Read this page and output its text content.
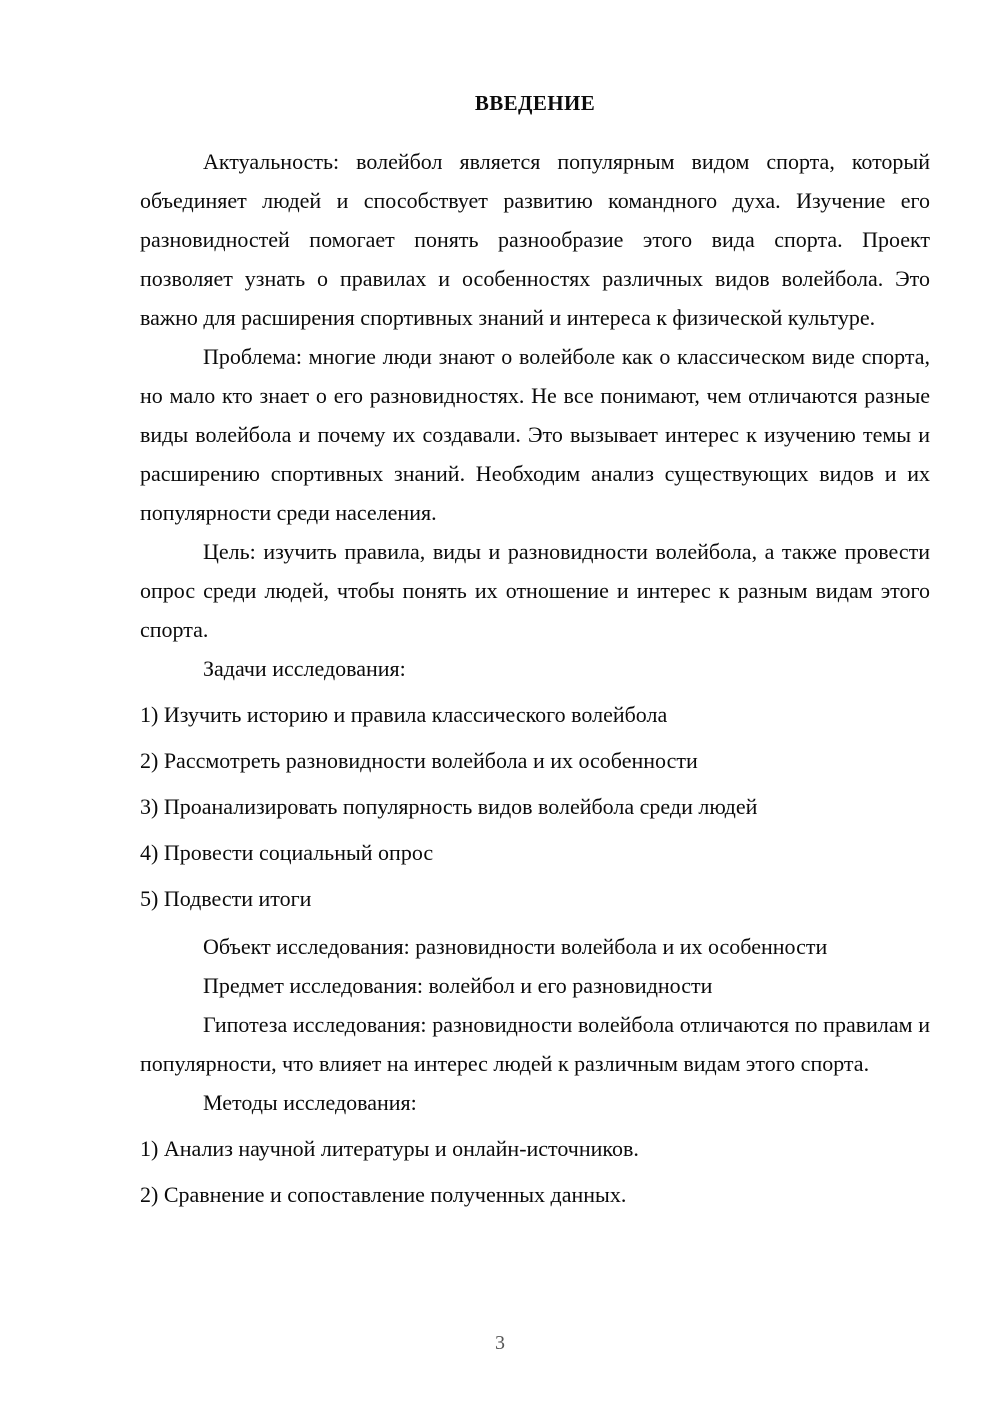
ВВЕДЕНИЕ

Актуальность: волейбол является популярным видом спорта, который объединяет людей и способствует развитию командного духа. Изучение его разновидностей помогает понять разнообразие этого вида спорта. Проект позволяет узнать о правилах и особенностях различных видов волейбола. Это важно для расширения спортивных знаний и интереса к физической культуре.

Проблема: многие люди знают о волейболе как о классическом виде спорта, но мало кто знает о его разновидностях. Не все понимают, чем отличаются разные виды волейбола и почему их создавали. Это вызывает интерес к изучению темы и расширению спортивных знаний. Необходим анализ существующих видов и их популярности среди населения.

Цель: изучить правила, виды и разновидности волейбола, а также провести опрос среди людей, чтобы понять их отношение и интерес к разным видам этого спорта.

Задачи исследования:

1) Изучить историю и правила классического волейбола
2) Рассмотреть разновидности волейбола и их особенности
3) Проанализировать популярность видов волейбола среди людей
4) Провести социальный опрос
5) Подвести итоги

Объект исследования: разновидности волейбола и их особенности

Предмет исследования: волейбол и его разновидности

Гипотеза исследования: разновидности волейбола отличаются по правилам и популярности, что влияет на интерес людей к различным видам этого спорта.

Методы исследования:

1) Анализ научной литературы и онлайн-источников.
2) Сравнение и сопоставление полученных данных.
3
